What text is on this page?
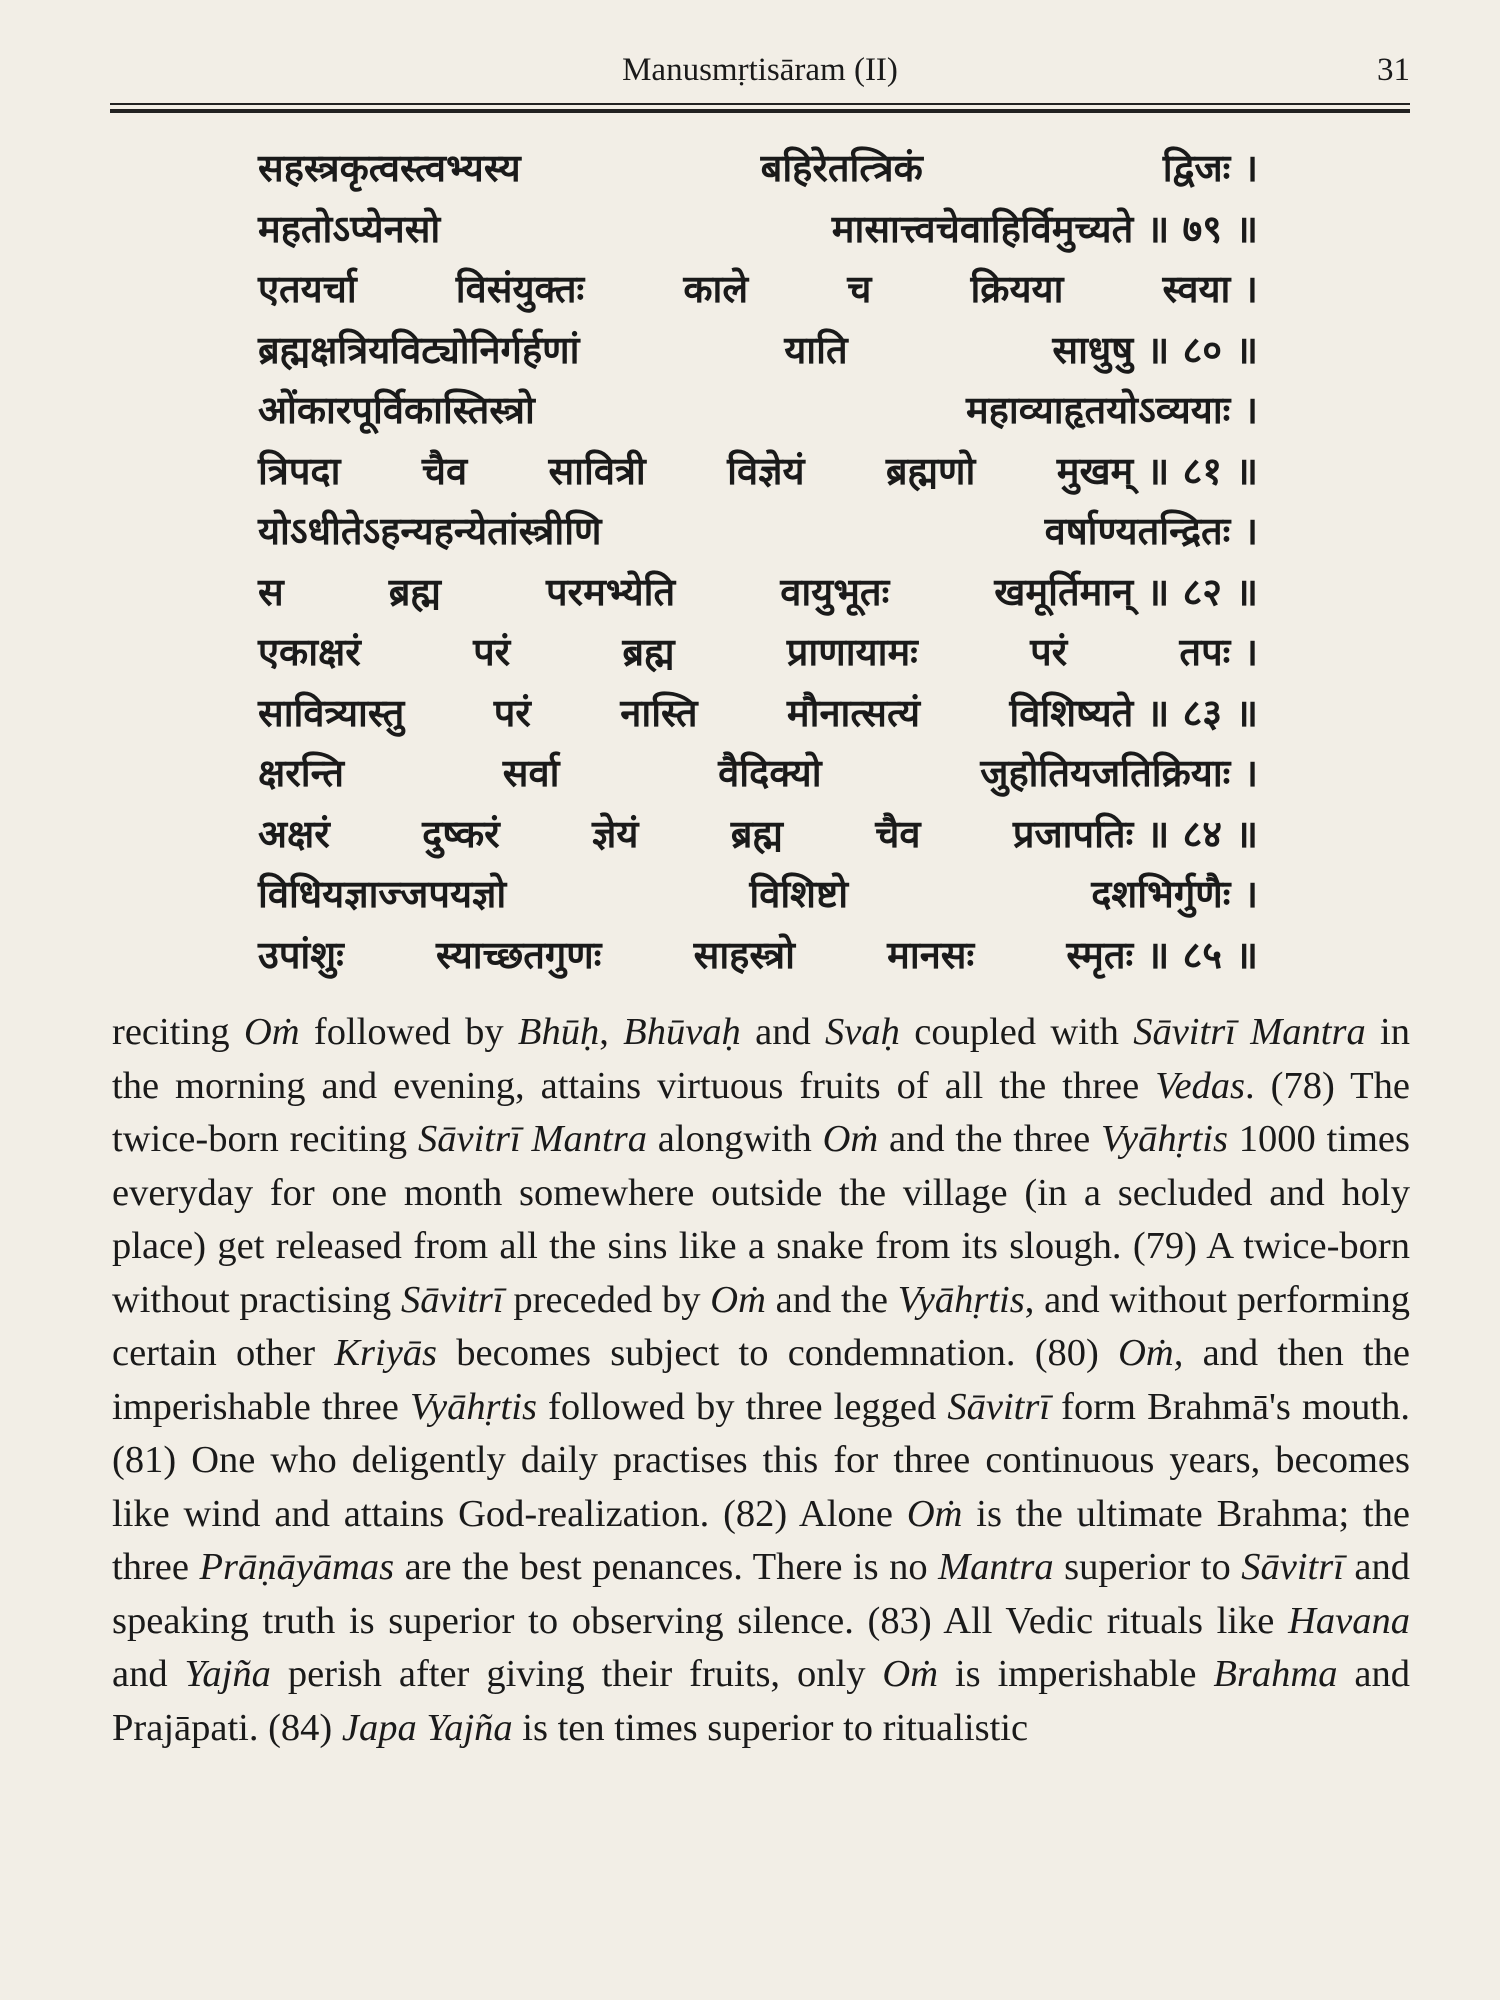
Manusmṛtisāram (II)	31
सहस्त्रकृत्वस्त्वभ्यस्य	बहिरेतत्त्रिकं	द्विजः ।
महतोऽप्येनसो	मासात्त्वचेवाहिर्विमुच्यते ॥ ७९ ॥
एतयर्चा	विसंयुक्तः	काले	च	क्रियया	स्वया ।
ब्रह्मक्षत्रियविट्योनिर्गर्हणां	याति	साधुषु ॥ ८० ॥
ओंकारपूर्विकास्तिस्त्रो	महाव्याहृतयोऽव्ययाः ।
त्रिपदा चैव सावित्री विज्ञेयं ब्रह्मणो मुखम् ॥ ८१ ॥
योऽधीतेऽहन्यहन्येतांस्त्रीणि	वर्षाण्यतन्द्रितः ।
स	ब्रह्म	परमभ्येति	वायुभूतः	खमूर्तिमान् ॥ ८२ ॥
एकाक्षरं	परं	ब्रह्म	प्राणायामः	परं	तपः ।
सावित्र्यास्तु परं नास्ति मौनात्सत्यं विशिष्यते ॥ ८३ ॥
क्षरन्ति	सर्वा	वैदिक्यो	जुहोतियजतिक्रियाः ।
अक्षरं दुष्करं ज्ञेयं ब्रह्म चैव प्रजापतिः ॥ ८४ ॥
विधियज्ञाज्जपयज्ञो	विशिष्टो	दशभिर्गुणैः ।
उपांशुः स्याच्छतगुणः साहस्त्रो मानसः स्मृतः ॥ ८५ ॥
reciting Oṁ followed by Bhūḥ, Bhūvaḥ and Svaḥ coupled with Sāvitrī Mantra in the morning and evening, attains virtuous fruits of all the three Vedas. (78) The twice-born reciting Sāvitrī Mantra alongwith Oṁ and the three Vyāhṛtis 1000 times everyday for one month somewhere outside the village (in a secluded and holy place) get released from all the sins like a snake from its slough. (79) A twice-born without practising Sāvitrī preceded by Oṁ and the Vyāhṛtis, and without performing certain other Kriyās becomes subject to condemnation. (80) Oṁ, and then the imperishable three Vyāhṛtis followed by three legged Sāvitrī form Brahmā's mouth. (81) One who deligently daily practises this for three continuous years, becomes like wind and attains God-realization. (82) Alone Oṁ is the ultimate Brahma; the three Prāṇāyāmas are the best penances. There is no Mantra superior to Sāvitrī and speaking truth is superior to observing silence. (83) All Vedic rituals like Havana and Yajña perish after giving their fruits, only Oṁ is imperishable Brahma and Prajāpati. (84) Japa Yajña is ten times superior to ritualistic
